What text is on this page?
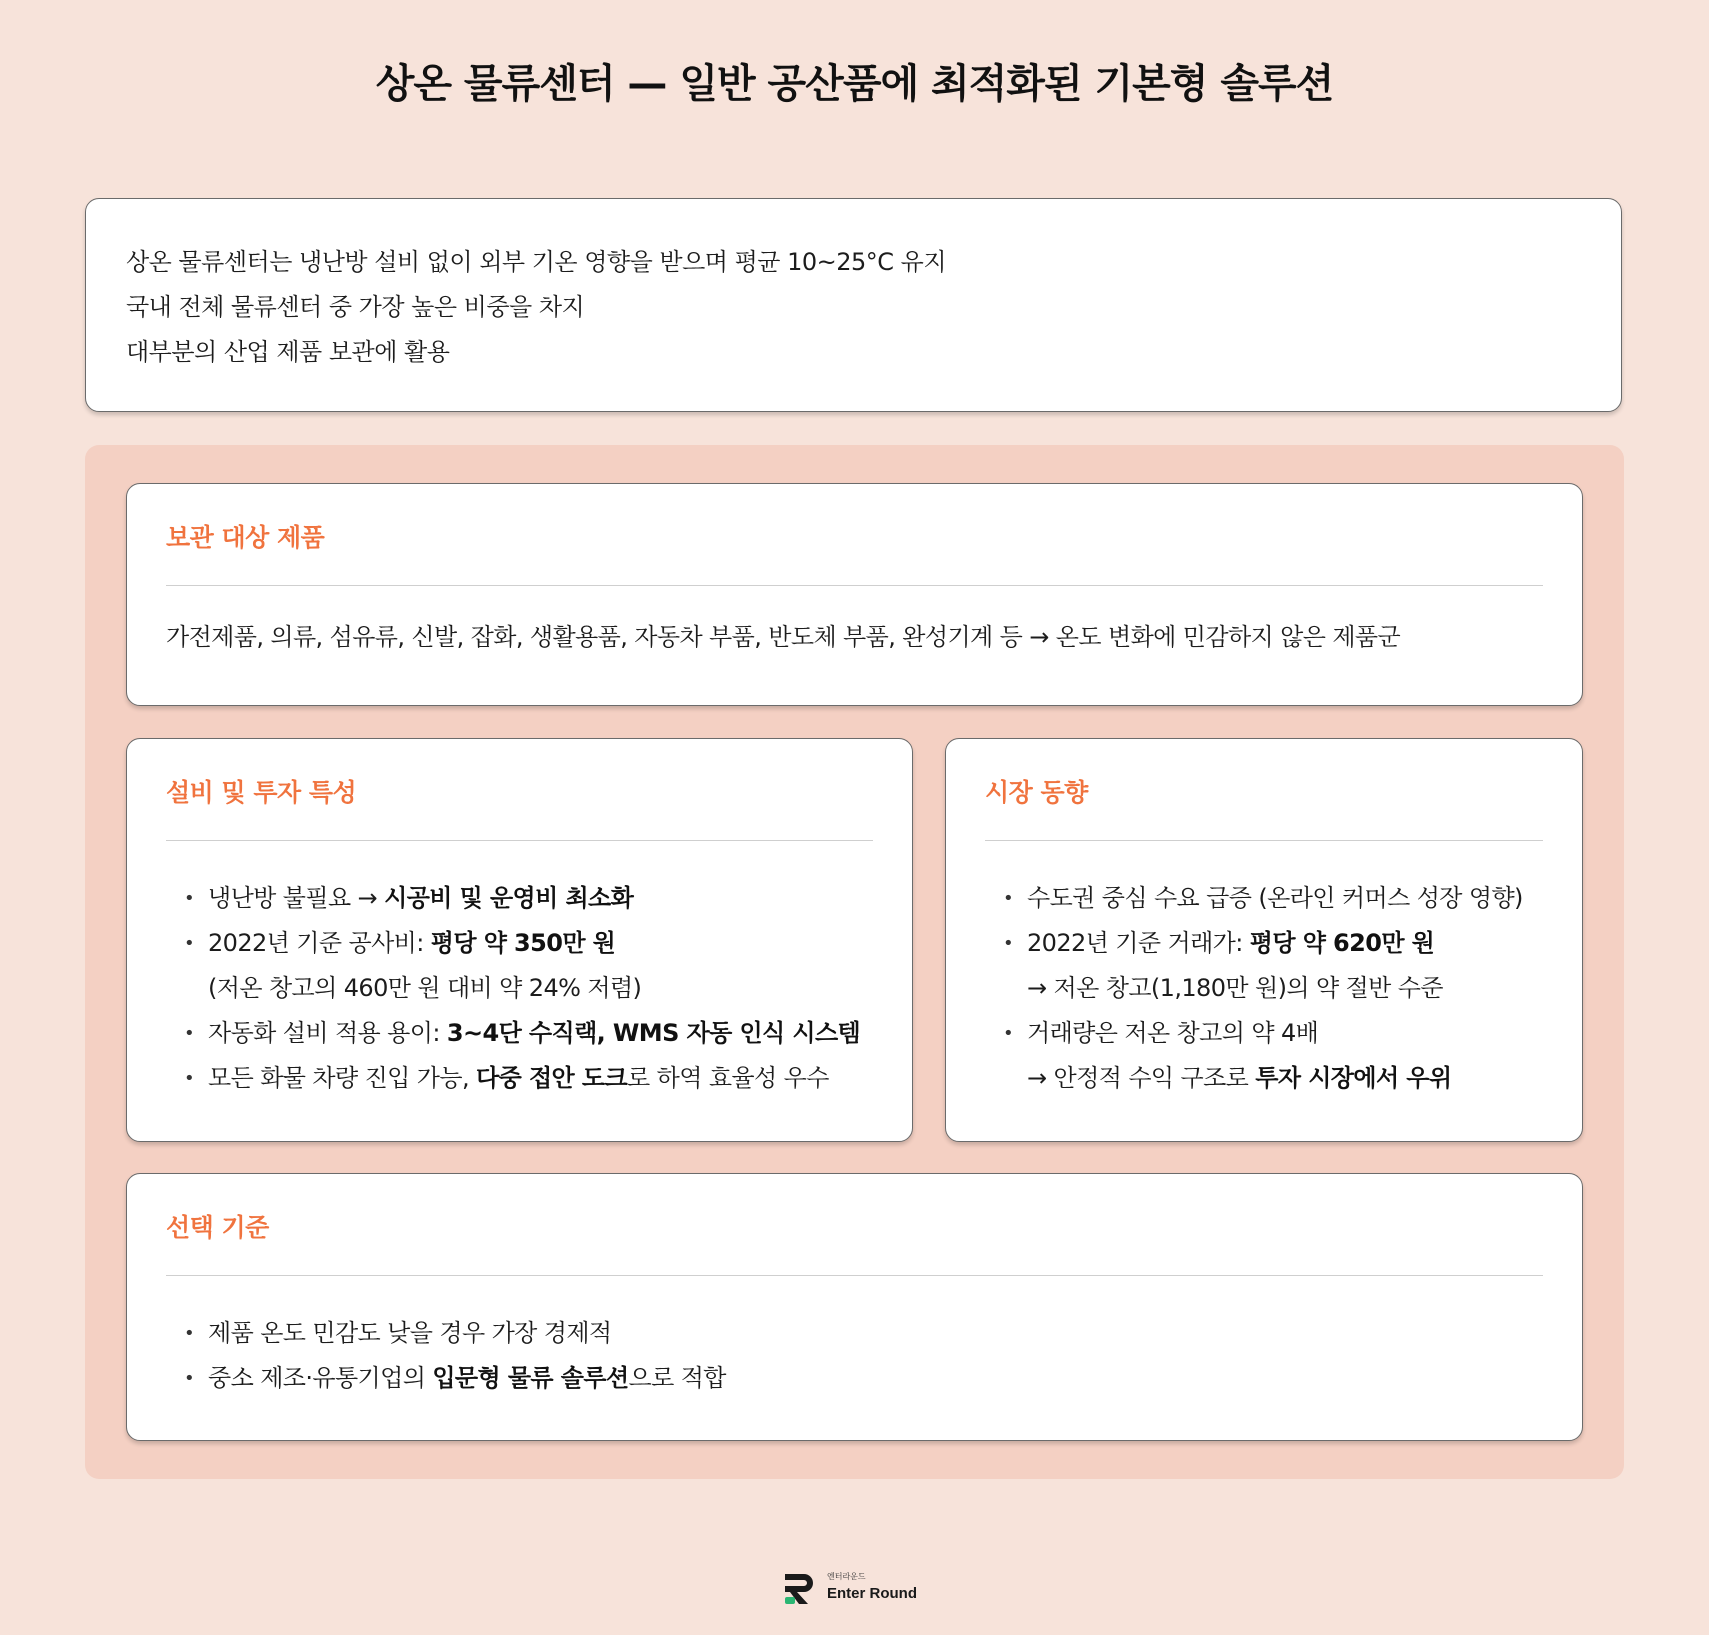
상온 물류센터 — 일반 공산품에 최적화된 기본형 솔루션

상온 물류센터는 냉난방 설비 없이 외부 기온 영향을 받으며 평균 10~25°C 유지

국내 전체 물류센터 중 가장 높은 비중을 차지

대부분의 산업 제품 보관에 활용

보관 대상 제품

가전제품, 의류, 섬유류, 신발, 잡화, 생활용품, 자동차 부품, 반도체 부품, 완성기계 등 → 온도 변화에 민감하지 않은 제품군

설비 및 투자 특성
• 냉난방 불필요 → 시공비 및 운영비 최소화
• 2022년 기준 공사비: 평당 약 350만 원
(저온 창고의 460만 원 대비 약 24% 저렴)
• 자동화 설비 적용 용이: 3~4단 수직랙, WMS 자동 인식 시스템
• 모든 화물 차량 진입 가능, 다중 접안 도크로 하역 효율성 우수
시장 동향
• 수도권 중심 수요 급증 (온라인 커머스 성장 영향)
• 2022년 기준 거래가: 평당 약 620만 원
→ 저온 창고(1,180만 원)의 약 절반 수준
• 거래량은 저온 창고의 약 4배
→ 안정적 수익 구조로 투자 시장에서 우위
선택 기준
• 제품 온도 민감도 낮을 경우 가장 경제적
• 중소 제조·유통기업의 입문형 물류 솔루션으로 적합
엔터라운드
Enter Round
